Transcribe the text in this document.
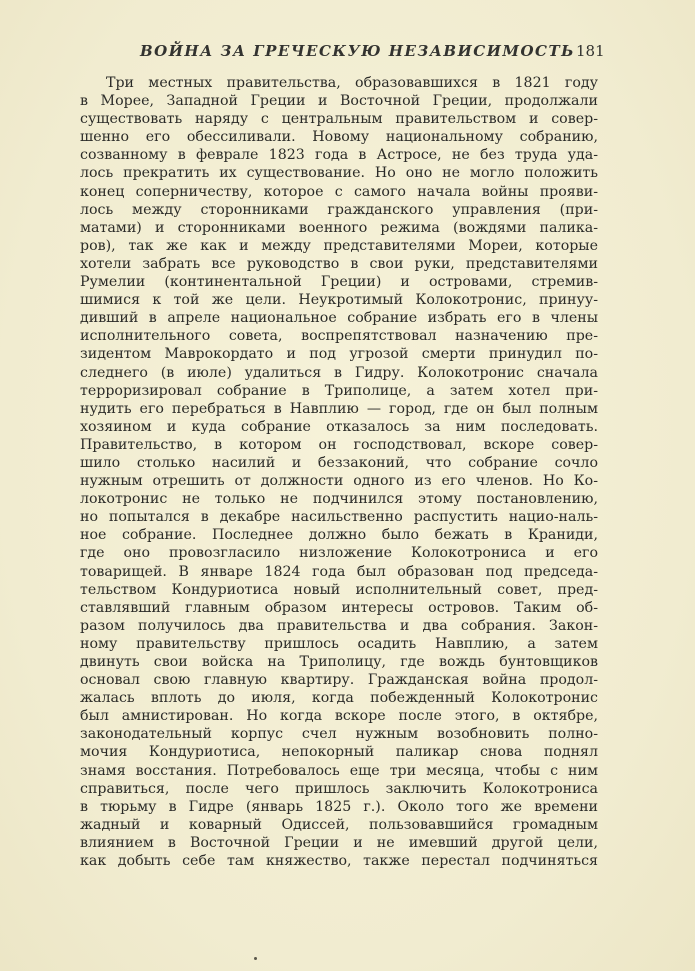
ВОЙНА ЗА ГРЕЧЕСКУЮ НЕЗАВИСИМОСТЬ 181
Три местных правительства, образовавшихся в 1821 году
в Морее, Западной Греции и Восточной Греции, продолжали
существовать наряду с центральным правительством и совер-
шенно его обессиливали. Новому национальному собранию,
созванному в феврале 1823 года в Астросе, не без труда уда-
лось прекратить их существование. Но оно не могло положить
конец соперничеству, которое с самого начала войны прояви-
лось между сторонниками гражданского управления (при-
матами) и сторонниками военного режима (вождями паликa-
ров), так же как и между представителями Мореи, которые
хотели забрать все руководство в свои руки, представителями
Румелии (континентальной Греции) и островами, стремив-
шимися к той же цели. Неукротимый Колокотронис, принуу-
дивший в апреле национальное собрание избрать его в члены
исполнительного совета, воспрепятствовал назначению пре-
зидентом Маврокордато и под угрозой смерти принудил по-
следнего (в июле) удалиться в Гидру. Колокотронис сначала
терроризировал собрание в Триполице, а затем хотел при-
нудить его перебраться в Навплию — город, где он был полным
хозяином и куда собрание отказалось за ним последовать.
Правительство, в котором он господствовал, вскоре совер-
шило столько насилий и беззаконий, что собрание сочло
нужным отрешить от должности одного из его членов. Но Ко-
локотронис не только не подчинился этому постановлению,
но попытался в декабре насильственно распустить нацио-наль-
ное собрание. Последнее должно было бежать в Краниди,
где оно провозгласило низложение Колокотрониса и его
товарищей. В январе 1824 года был образован под председа-
тельством Кондуриотиса новый исполнительный совет, пред-
ставлявший главным образом интересы островов. Таким об-
разом получилось два правительства и два собрания. Закон-
ному правительству пришлось осадить Навплию, а затем
двинуть свои войска на Триполицу, где вождь бунтовщиков
основал свою главную квартиру. Гражданская война продол-
жалась вплоть до июля, когда побежденный Колокотронис
был амнистирован. Но когда вскоре после этого, в октябре,
законодательный корпус счел нужным возобновить полно-
мочия Кондуриотиса, непокорный паликар снова поднял
знамя восстания. Потребовалось еще три месяца, чтобы с ним
справиться, после чего пришлось заключить Колокотрониса
в тюрьму в Гидре (январь 1825 г.). Около того же времени
жадный и коварный Одиссей, пользовавшийся громадным
влиянием в Восточной Греции и не имевший другой цели,
как добыть себе там княжество, также перестал подчиняться
